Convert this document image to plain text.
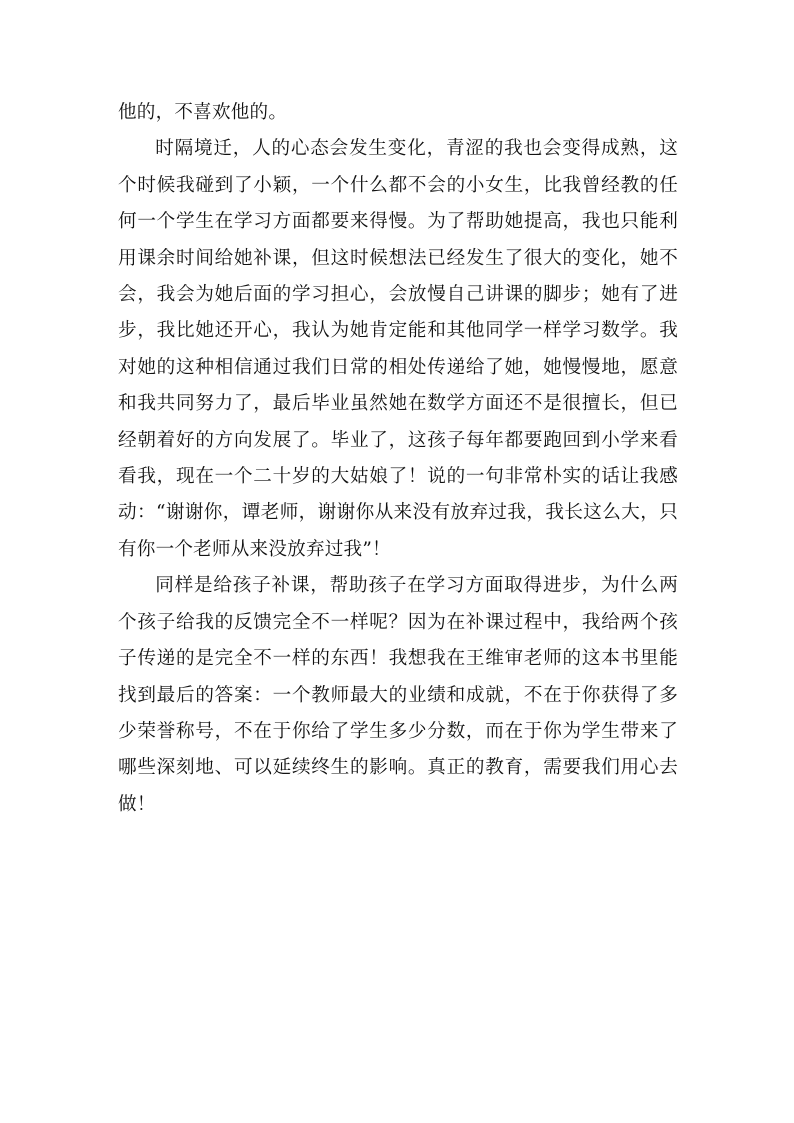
他的，不喜欢他的。

时隔境迁，人的心态会发生变化，青涩的我也会变得成熟，这个时候我碰到了小颖，一个什么都不会的小女生，比我曾经教的任何一个学生在学习方面都要来得慢。为了帮助她提高，我也只能利用课余时间给她补课，但这时候想法已经发生了很大的变化，她不会，我会为她后面的学习担心，会放慢自己讲课的脚步；她有了进步，我比她还开心，我认为她肯定能和其他同学一样学习数学。我对她的这种相信通过我们日常的相处传递给了她，她慢慢地，愿意和我共同努力了，最后毕业虽然她在数学方面还不是很擅长，但已经朝着好的方向发展了。毕业了，这孩子每年都要跑回到小学来看看我，现在一个二十岁的大姑娘了！说的一句非常朴实的话让我感动：“谢谢你，谭老师，谢谢你从来没有放弃过我，我长这么大，只有你一个老师从来没放弃过我”！

同样是给孩子补课，帮助孩子在学习方面取得进步，为什么两个孩子给我的反馈完全不一样呢？因为在补课过程中，我给两个孩子传递的是完全不一样的东西！我想我在王维审老师的这本书里能找到最后的答案：一个教师最大的业绩和成就，不在于你获得了多少荣誉称号，不在于你给了学生多少分数，而在于你为学生带来了哪些深刻地、可以延续终生的影响。真正的教育，需要我们用心去做！
